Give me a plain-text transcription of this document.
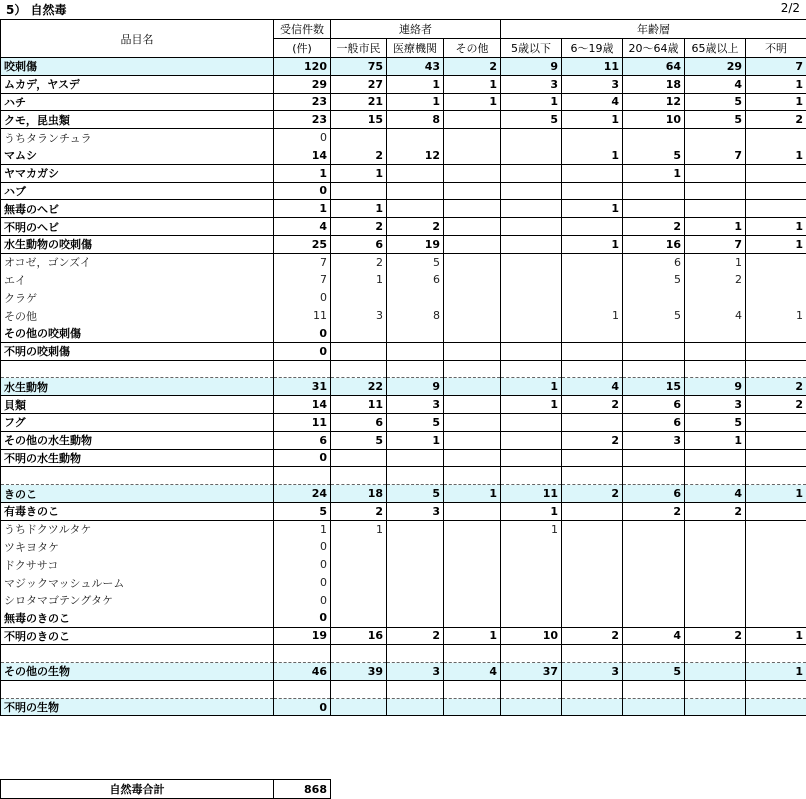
5） 自然毒	2/2
品目名	受信件数	連絡者			年齢層				
	(件)	一般市民	医療機関	その他	5歳以下	6～19歳	20～64歳	65歳以上	不明
咬刺傷	120	75	43	2	9	11	64	29	7
ムカデ，ヤスデ	29	27	1	1	3	3	18	4	1
ハチ	23	21	1	1	1	4	12	5	1
クモ，昆虫類	23	15	8		5	1	10	5	2
うちタランチュラ	0								
マムシ	14	2	12			1	5	7	1
ヤマカガシ	1	1					1		
ハブ	0								
無毒のヘビ	1	1				1			
不明のヘビ	4	2	2				2	1	1
水生動物の咬刺傷	25	6	19			1	16	7	1
オコゼ，ゴンズイ	7	2	5				6	1	
エイ	7	1	6				5	2	
クラゲ	0								
その他	11	3	8			1	5	4	1
その他の咬刺傷	0								
不明の咬刺傷	0								

水生動物	31	22	9		1	4	15	9	2
貝類	14	11	3		1	2	6	3	2
フグ	11	6	5				6	5	
その他の水生動物	6	5	1			2	3	1	
不明の水生動物	0								

きのこ	24	18	5	1	11	2	6	4	1
有毒きのこ	5	2	3		1		2	2	
うちドクツルタケ	1	1			1				
ツキヨタケ	0								
ドクササコ	0								
マジックマッシュルーム	0								
シロタマゴテングタケ	0								
無毒のきのこ	0								
不明のきのこ	19	16	2	1	10	2	4	2	1

その他の生物	46	39	3	4	37	3	5		1

不明の生物	0								
自然毒合計	868
